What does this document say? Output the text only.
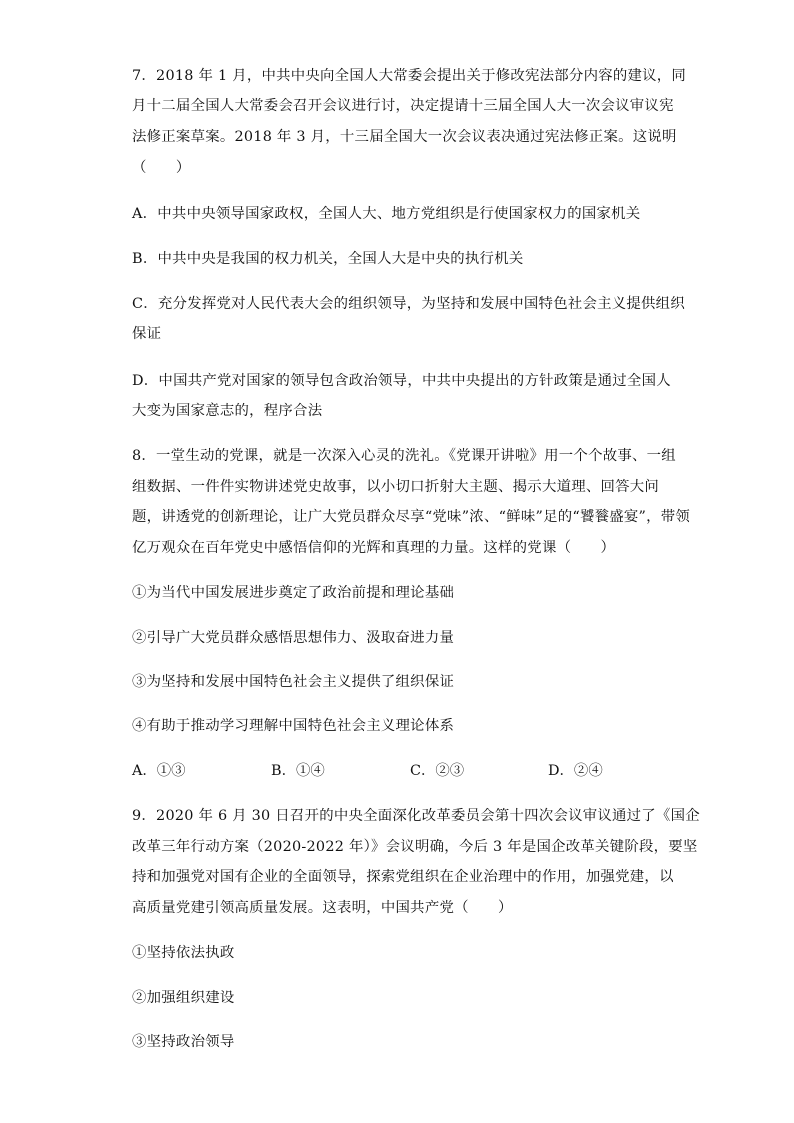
7．2018 年 1 月，中共中央向全国人大常委会提出关于修改宪法部分内容的建议，同
月十二届全国人大常委会召开会议进行讨，决定提请十三届全国人大一次会议审议宪
法修正案草案。2018 年 3 月，十三届全国大一次会议表决通过宪法修正案。这说明
（　　）
A．中共中央领导国家政权，全国人大、地方党组织是行使国家权力的国家机关
B．中共中央是我国的权力机关，全国人大是中央的执行机关
C．充分发挥党对人民代表大会的组织领导，为坚持和发展中国特色社会主义提供组织
保证
D．中国共产党对国家的领导包含政治领导，中共中央提出的方针政策是通过全国人
大变为国家意志的，程序合法
8．一堂生动的党课，就是一次深入心灵的洗礼。《党课开讲啦》用一个个故事、一组
组数据、一件件实物讲述党史故事，以小切口折射大主题、揭示大道理、回答大问
题，讲透党的创新理论，让广大党员群众尽享“党味”浓、“鲜味”足的“饕餮盛宴”，带领
亿万观众在百年党史中感悟信仰的光辉和真理的力量。这样的党课（　　）
①为当代中国发展进步奠定了政治前提和理论基础
②引导广大党员群众感悟思想伟力、汲取奋进力量
③为坚持和发展中国特色社会主义提供了组织保证
④有助于推动学习理解中国特色社会主义理论体系
A．①③	B．①④	C．②③	D．②④
9．2020 年 6 月 30 日召开的中央全面深化改革委员会第十四次会议审议通过了《国企
改革三年行动方案（2020-2022 年）》会议明确，今后 3 年是国企改革关键阶段，要坚
持和加强党对国有企业的全面领导，探索党组织在企业治理中的作用，加强党建，以
高质量党建引领高质量发展。这表明，中国共产党（　　）
①坚持依法执政
②加强组织建设
③坚持政治领导
